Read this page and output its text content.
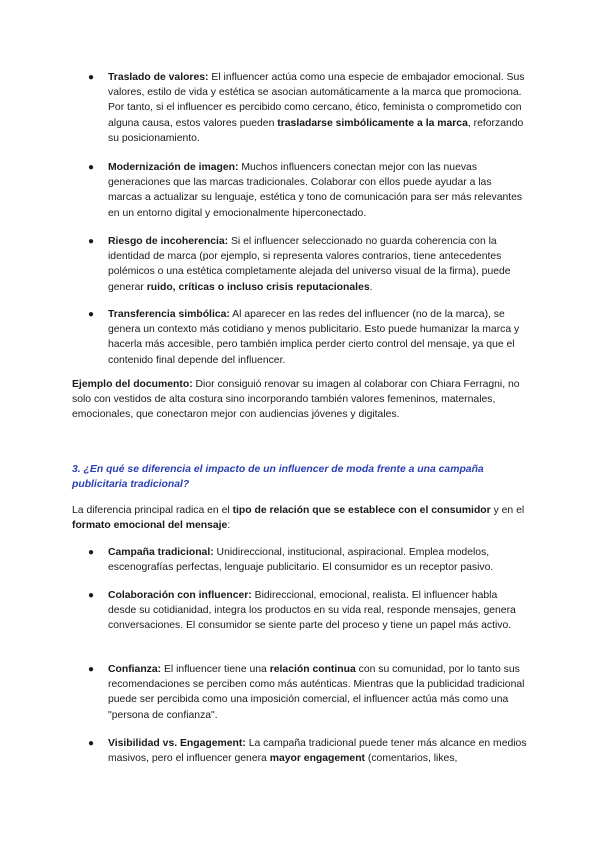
● Traslado de valores: El influencer actúa como una especie de embajador emocional. Sus valores, estilo de vida y estética se asocian automáticamente a la marca que promociona. Por tanto, si el influencer es percibido como cercano, ético, feminista o comprometido con alguna causa, estos valores pueden trasladarse simbólicamente a la marca, reforzando su posicionamiento.
● Modernización de imagen: Muchos influencers conectan mejor con las nuevas generaciones que las marcas tradicionales. Colaborar con ellos puede ayudar a las marcas a actualizar su lenguaje, estética y tono de comunicación para ser más relevantes en un entorno digital y emocionalmente hiperconectado.
● Riesgo de incoherencia: Si el influencer seleccionado no guarda coherencia con la identidad de marca (por ejemplo, si representa valores contrarios, tiene antecedentes polémicos o una estética completamente alejada del universo visual de la firma), puede generar ruido, críticas o incluso crisis reputacionales.
● Transferencia simbólica: Al aparecer en las redes del influencer (no de la marca), se genera un contexto más cotidiano y menos publicitario. Esto puede humanizar la marca y hacerla más accesible, pero también implica perder cierto control del mensaje, ya que el contenido final depende del influencer.
Ejemplo del documento: Dior consiguió renovar su imagen al colaborar con Chiara Ferragni, no solo con vestidos de alta costura sino incorporando también valores femeninos, maternales, emocionales, que conectaron mejor con audiencias jóvenes y digitales.
3. ¿En qué se diferencia el impacto de un influencer de moda frente a una campaña publicitaria tradicional?
La diferencia principal radica en el tipo de relación que se establece con el consumidor y en el formato emocional del mensaje:
● Campaña tradicional: Unidireccional, institucional, aspiracional. Emplea modelos, escenografías perfectas, lenguaje publicitario. El consumidor es un receptor pasivo.
● Colaboración con influencer: Bidireccional, emocional, realista. El influencer habla desde su cotidianidad, integra los productos en su vida real, responde mensajes, genera conversaciones. El consumidor se siente parte del proceso y tiene un papel más activo.
● Confianza: El influencer tiene una relación continua con su comunidad, por lo tanto sus recomendaciones se perciben como más auténticas. Mientras que la publicidad tradicional puede ser percibida como una imposición comercial, el influencer actúa más como una "persona de confianza".
● Visibilidad vs. Engagement: La campaña tradicional puede tener más alcance en medios masivos, pero el influencer genera mayor engagement (comentarios, likes,
